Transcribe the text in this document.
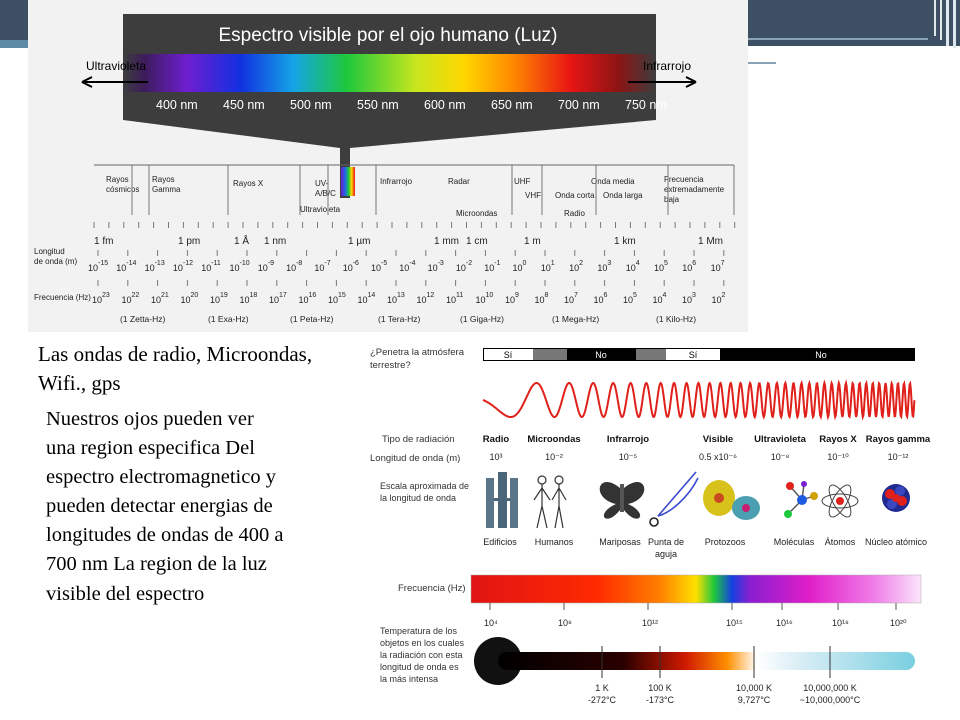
Espectro visible por el ojo humano (Luz)
Ultravioleta	Infrarrojo
400 nm 450 nm 500 nm 550 nm 600 nm 650 nm 700 nm 750 nm
Rayos
cósmicos
Rayos
Gamma
Rayos X	UV-
A/B/C
Ultravioleta
Infrarrojo	Radar
Microondas
UHF
VHF Onda corta
Onda media
Onda larga
Radio
Frecuencia
extremadamente
baja
1 fm	1 pm	1 Å 1 nm	1 µm	1 mm 1 cm	1 m	1 km	1 Mm
Longitud
de onda (m)
Frecuencia (Hz)
10 -15 10 -14 10 -13 10 -12 10 -11 10 -10 10 -9 10 -8 10 -7 10 -6 10 -5 10 -4 10 -3 10 -2 10 -1 10 0 10 1 10 2 10 3 10 4 10 5 10 6 10 7
10 23 10 22 10 21 10 20 10 19 10 18 10 17 10 16 10 15 10 14 10 13 10 12 10 11 10 10 10 9 10 8 10 7 10 6 10 5 10 4 10 3 10 2
(1 Zetta-Hz)	(1 Exa-Hz)	(1 Peta-Hz)	(1 Tera-Hz)	(1 Giga-Hz)	(1 Mega-Hz)	(1 Kilo-Hz)
Las ondas de radio, Microondas, Wifi., gps
Nuestros ojos pueden ver una region especifica Del espectro electromagnetico y pueden detectar energias de longitudes de ondas de 400 a 700 nm La region de la luz visible del espectro
¿Penetra la atmósfera
terrestre?
Sí	No	Sí	No
Tipo de radiación
Longitud de onda (m)
Radio
10³
Microondas
10⁻²
Infrarrojo
10⁻⁵
Visible
0.5 x10⁻⁶
Ultravioleta
10⁻⁸
Rayos X
10⁻¹⁰
Rayos gamma
10⁻¹²
Escala aproximada de
la longitud de onda
Edificios Humanos	Mariposas Punta de
aguja
Protozoos	Moléculas Átomos Núcleo atómico
Frecuencia (Hz)
10⁴	10⁸	10¹²	10¹⁵	10¹⁶	10¹⁸	10²⁰
Temperatura de los
objetos en los cuales
la radiación con esta
longitud de onda es
la más intensa
1 K
-272°C
100 K
-173°C
10,000 K
9,727°C
10,000,000 K
~10,000,000°C
